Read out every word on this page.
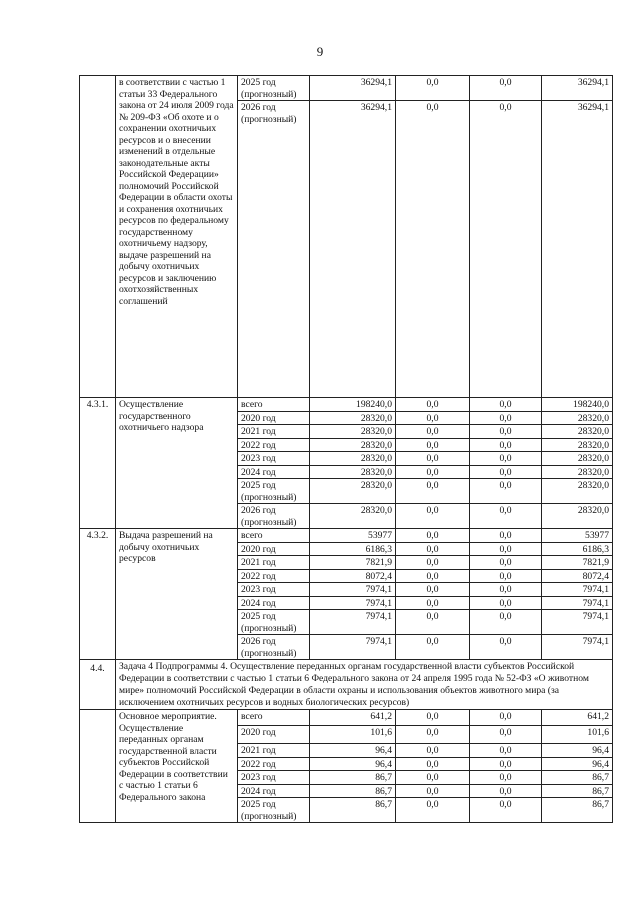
9
	в соответствии с частью 1 статьи 33 Федерального закона от 24 июля 2009 года № 209-ФЗ «Об охоте и о сохранении охотничьих ресурсов и о внесении изменений в отдельные законодательные акты Российской Федерации» полномочий Российской Федерации в области охоты и сохранения охотничьих ресурсов по федеральному государственному охотничьему надзору, выдаче разрешений на добычу охотничьих ресурсов и заключению охотхозяйственных соглашений	2025 год (прогнозный)	36294,1	0,0	0,0	36294,1
		2026 год (прогнозный)	36294,1	0,0	0,0	36294,1
4.3.1.	Осуществление государственного охотничьего надзора	всего	198240,0	0,0	0,0	198240,0
		2020 год	28320,0	0,0	0,0	28320,0
		2021 год	28320,0	0,0	0,0	28320,0
		2022 год	28320,0	0,0	0,0	28320,0
		2023 год	28320,0	0,0	0,0	28320,0
		2024 год	28320,0	0,0	0,0	28320,0
		2025 год (прогнозный)	28320,0	0,0	0,0	28320,0
		2026 год (прогнозный)	28320,0	0,0	0,0	28320,0
4.3.2.	Выдача разрешений на добычу охотничьих ресурсов	всего	53977	0,0	0,0	53977
		2020 год	6186,3	0,0	0,0	6186,3
		2021 год	7821,9	0,0	0,0	7821,9
		2022 год	8072,4	0,0	0,0	8072,4
		2023 год	7974,1	0,0	0,0	7974,1
		2024 год	7974,1	0,0	0,0	7974,1
		2025 год (прогнозный)	7974,1	0,0	0,0	7974,1
		2026 год (прогнозный)	7974,1	0,0	0,0	7974,1
4.4.	Задача 4 Подпрограммы 4. Осуществление переданных органам государственной власти субъектов Российской Федерации в соответствии с частью 1 статьи 6 Федерального закона от 24 апреля 1995 года № 52-ФЗ «О животном мире» полномочий Российской Федерации в области охраны и использования объектов животного мира (за исключением охотничьих ресурсов и водных биологических ресурсов)					
	Основное мероприятие. Осуществление переданных органам государственной власти субъектов Российской Федерации в соответствии с частью 1 статьи 6 Федерального закона	всего	641,2	0,0	0,0	641,2
		2020 год	101,6	0,0	0,0	101,6
		2021 год	96,4	0,0	0,0	96,4
		2022 год	96,4	0,0	0,0	96,4
		2023 год	86,7	0,0	0,0	86,7
		2024 год	86,7	0,0	0,0	86,7
		2025 год (прогнозный)	86,7	0,0	0,0	86,7
